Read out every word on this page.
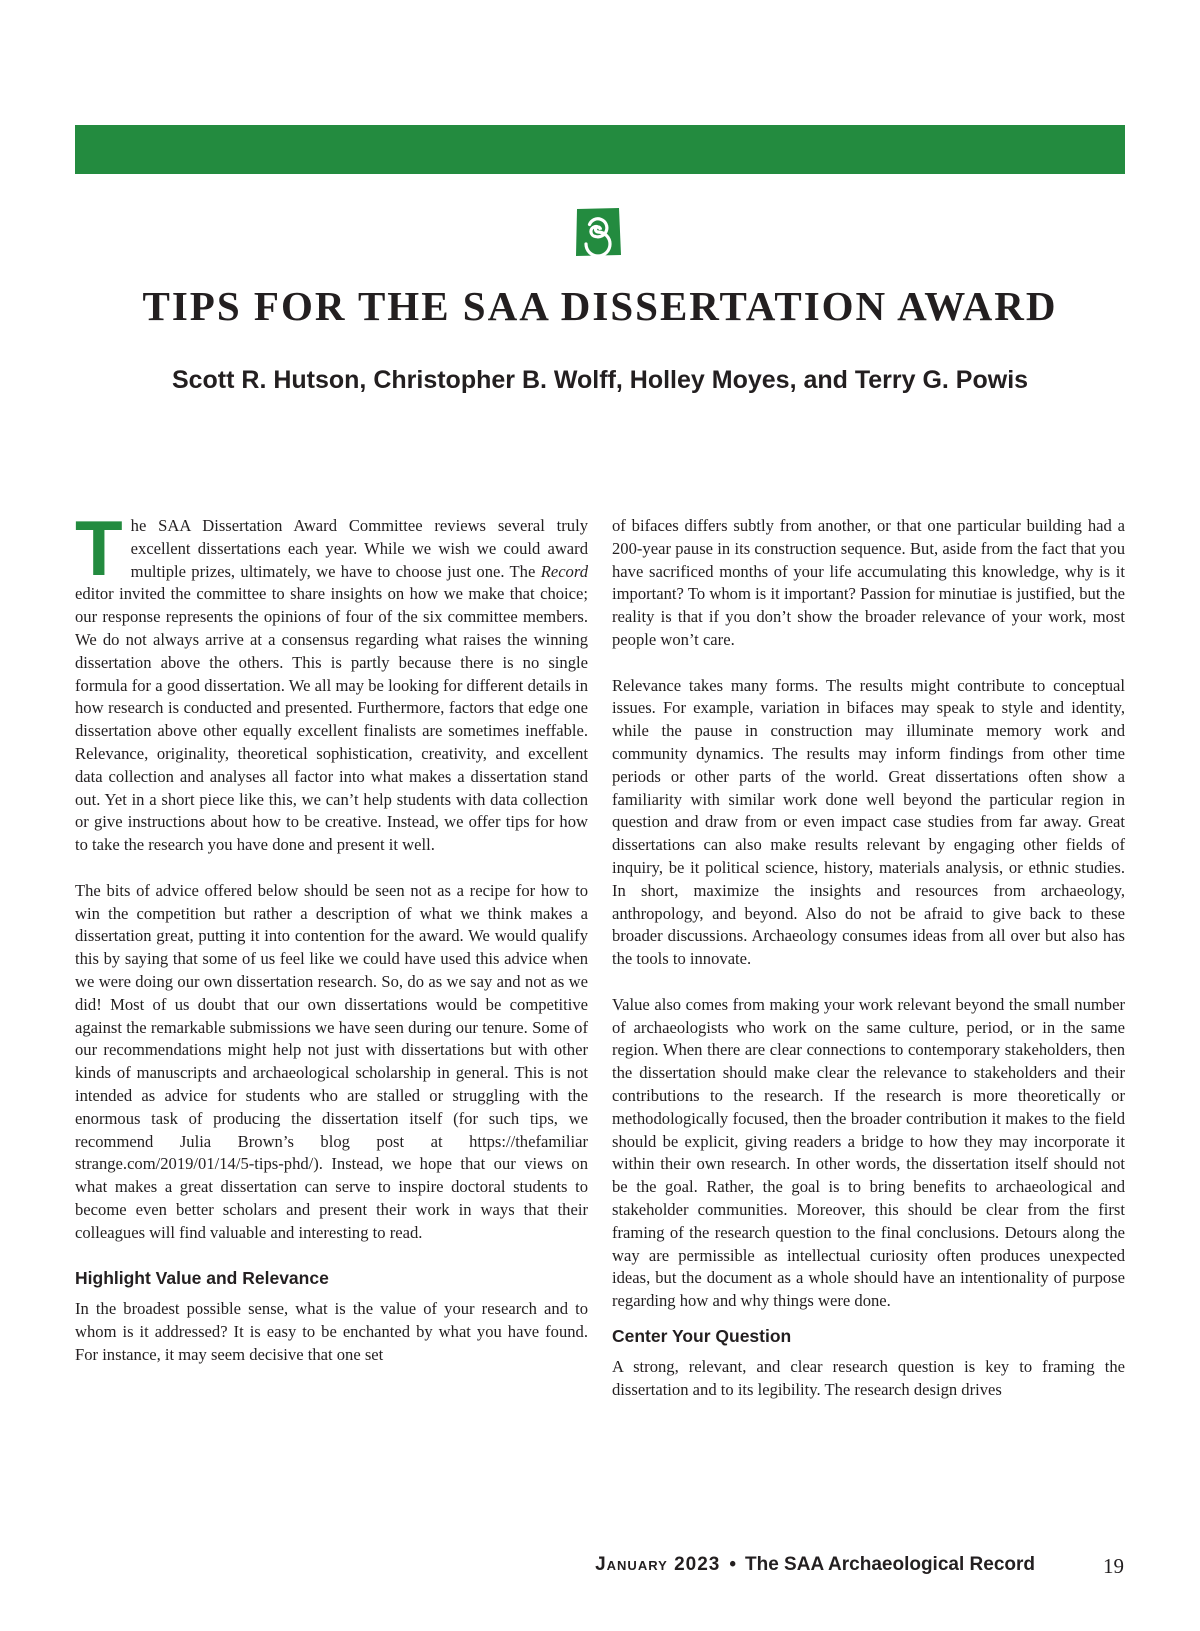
TIPS FOR THE SAA DISSERTATION AWARD

Scott R. Hutson, Christopher B. Wolff, Holley Moyes, and Terry G. Powis

The SAA Dissertation Award Committee reviews several truly excellent dissertations each year. While we wish we could award multiple prizes, ultimately, we have to choose just one. The Record editor invited the committee to share insights on how we make that choice; our response represents the opinions of four of the six committee members. We do not always arrive at a consensus regarding what raises the winning dissertation above the others. This is partly because there is no single formula for a good dissertation. We all may be looking for different details in how research is conducted and presented. Furthermore, factors that edge one dissertation above other equally excellent finalists are sometimes ineffable. Relevance, originality, theoretical sophistication, creativity, and excellent data collection and analyses all factor into what makes a dissertation stand out. Yet in a short piece like this, we can’t help students with data collection or give instructions about how to be creative. Instead, we offer tips for how to take the research you have done and present it well.

The bits of advice offered below should be seen not as a recipe for how to win the competition but rather a description of what we think makes a dissertation great, putting it into contention for the award. We would qualify this by saying that some of us feel like we could have used this advice when we were doing our own dissertation research. So, do as we say and not as we did! Most of us doubt that our own dissertations would be competitive against the remarkable submissions we have seen during our tenure. Some of our recommendations might help not just with dissertations but with other kinds of manuscripts and archaeological scholarship in general. This is not intended as advice for students who are stalled or struggling with the enormous task of producing the dissertation itself (for such tips, we recommend Julia Brown’s blog post at https://thefamiliar strange.com/2019/01/14/5-tips-phd/). Instead, we hope that our views on what makes a great dissertation can serve to inspire doctoral students to become even better scholars and present their work in ways that their colleagues will find valuable and interesting to read.

Highlight Value and Relevance

In the broadest possible sense, what is the value of your research and to whom is it addressed? It is easy to be enchanted by what you have found. For instance, it may seem decisive that one set

of bifaces differs subtly from another, or that one particular building had a 200-year pause in its construction sequence. But, aside from the fact that you have sacrificed months of your life accumulating this knowledge, why is it important? To whom is it important? Passion for minutiae is justified, but the reality is that if you don’t show the broader relevance of your work, most people won’t care.

Relevance takes many forms. The results might contribute to conceptual issues. For example, variation in bifaces may speak to style and identity, while the pause in construction may illuminate memory work and community dynamics. The results may inform findings from other time periods or other parts of the world. Great dissertations often show a familiarity with similar work done well beyond the particular region in question and draw from or even impact case studies from far away. Great dissertations can also make results relevant by engaging other fields of inquiry, be it political science, history, materials analysis, or ethnic studies. In short, maximize the insights and resources from archaeology, anthropology, and beyond. Also do not be afraid to give back to these broader discussions. Archaeology consumes ideas from all over but also has the tools to innovate.

Value also comes from making your work relevant beyond the small number of archaeologists who work on the same culture, period, or in the same region. When there are clear connections to contemporary stakeholders, then the dissertation should make clear the relevance to stakeholders and their contributions to the research. If the research is more theoretically or methodologically focused, then the broader contribution it makes to the field should be explicit, giving readers a bridge to how they may incorporate it within their own research. In other words, the dissertation itself should not be the goal. Rather, the goal is to bring benefits to archaeological and stakeholder communities. Moreover, this should be clear from the first framing of the research question to the final conclusions. Detours along the way are permissible as intellectual curiosity often produces unexpected ideas, but the document as a whole should have an intentionality of purpose regarding how and why things were done.

Center Your Question

A strong, relevant, and clear research question is key to framing the dissertation and to its legibility. The research design drives

January 2023 • The SAA Archaeological Record	19
